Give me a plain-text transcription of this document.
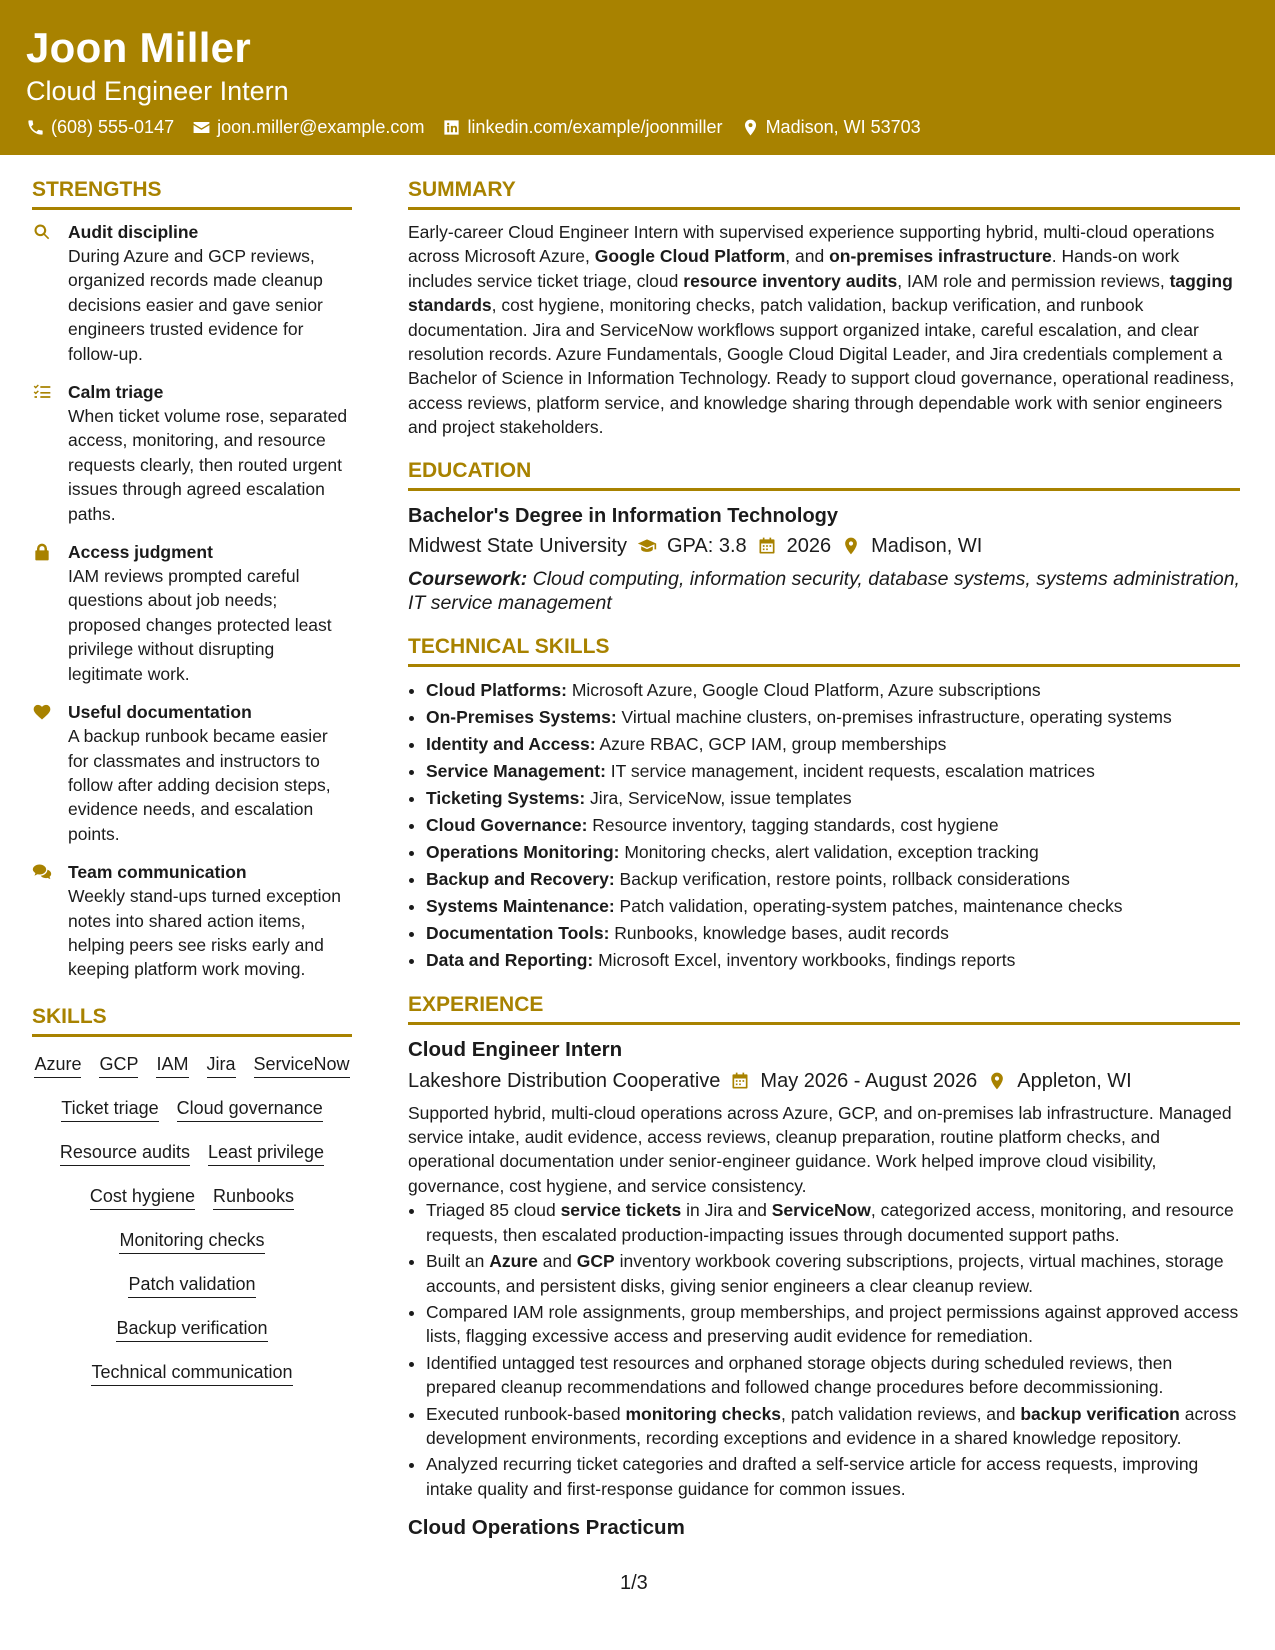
Joon Miller
Cloud Engineer Intern
(608) 555-0147 joon.miller@example.com linkedin.com/example/joonmiller Madison, WI 53703
STRENGTHS
Audit discipline
During Azure and GCP reviews, organized records made cleanup decisions easier and gave senior engineers trusted evidence for follow-up.
Calm triage
When ticket volume rose, separated access, monitoring, and resource requests clearly, then routed urgent issues through agreed escalation paths.
Access judgment
IAM reviews prompted careful questions about job needs; proposed changes protected least privilege without disrupting legitimate work.
Useful documentation
A backup runbook became easier for classmates and instructors to follow after adding decision steps, evidence needs, and escalation points.
Team communication
Weekly stand-ups turned exception notes into shared action items, helping peers see risks early and keeping platform work moving.
SKILLS
Azure GCP IAM Jira ServiceNow
Ticket triage Cloud governance
Resource audits Least privilege
Cost hygiene Runbooks
Monitoring checks
Patch validation
Backup verification
Technical communication
SUMMARY
Early-career Cloud Engineer Intern with supervised experience supporting hybrid, multi-cloud operations across Microsoft Azure, Google Cloud Platform, and on-premises infrastructure. Hands-on work includes service ticket triage, cloud resource inventory audits, IAM role and permission reviews, tagging standards, cost hygiene, monitoring checks, patch validation, backup verification, and runbook documentation. Jira and ServiceNow workflows support organized intake, careful escalation, and clear resolution records. Azure Fundamentals, Google Cloud Digital Leader, and Jira credentials complement a Bachelor of Science in Information Technology. Ready to support cloud governance, operational readiness, access reviews, platform service, and knowledge sharing through dependable work with senior engineers and project stakeholders.
EDUCATION
Bachelor's Degree in Information Technology
Midwest State University GPA: 3.8 2026 Madison, WI
Coursework: Cloud computing, information security, database systems, systems administration, IT service management
TECHNICAL SKILLS
• Cloud Platforms: Microsoft Azure, Google Cloud Platform, Azure subscriptions
• On-Premises Systems: Virtual machine clusters, on-premises infrastructure, operating systems
• Identity and Access: Azure RBAC, GCP IAM, group memberships
• Service Management: IT service management, incident requests, escalation matrices
• Ticketing Systems: Jira, ServiceNow, issue templates
• Cloud Governance: Resource inventory, tagging standards, cost hygiene
• Operations Monitoring: Monitoring checks, alert validation, exception tracking
• Backup and Recovery: Backup verification, restore points, rollback considerations
• Systems Maintenance: Patch validation, operating-system patches, maintenance checks
• Documentation Tools: Runbooks, knowledge bases, audit records
• Data and Reporting: Microsoft Excel, inventory workbooks, findings reports
EXPERIENCE
Cloud Engineer Intern
Lakeshore Distribution Cooperative May 2026 - August 2026 Appleton, WI
Supported hybrid, multi-cloud operations across Azure, GCP, and on-premises lab infrastructure. Managed service intake, audit evidence, access reviews, cleanup preparation, routine platform checks, and operational documentation under senior-engineer guidance. Work helped improve cloud visibility, governance, cost hygiene, and service consistency.
• Triaged 85 cloud service tickets in Jira and ServiceNow, categorized access, monitoring, and resource requests, then escalated production-impacting issues through documented support paths.
• Built an Azure and GCP inventory workbook covering subscriptions, projects, virtual machines, storage accounts, and persistent disks, giving senior engineers a clear cleanup review.
• Compared IAM role assignments, group memberships, and project permissions against approved access lists, flagging excessive access and preserving audit evidence for remediation.
• Identified untagged test resources and orphaned storage objects during scheduled reviews, then prepared cleanup recommendations and followed change procedures before decommissioning.
• Executed runbook-based monitoring checks, patch validation reviews, and backup verification across development environments, recording exceptions and evidence in a shared knowledge repository.
• Analyzed recurring ticket categories and drafted a self-service article for access requests, improving intake quality and first-response guidance for common issues.
Cloud Operations Practicum
1/3
